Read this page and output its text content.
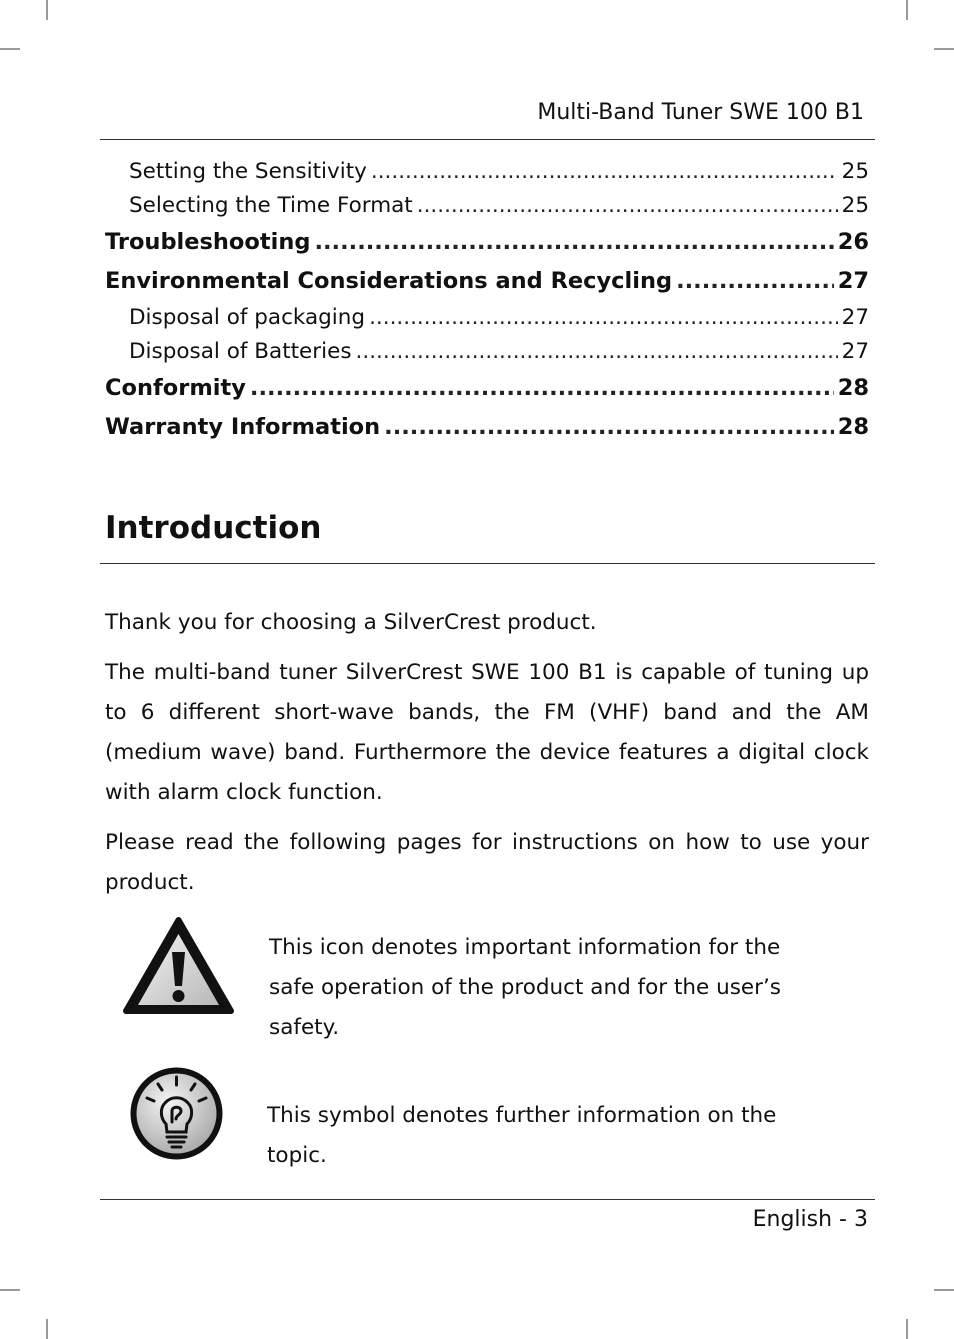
Multi-Band Tuner SWE 100 B1
Setting the Sensitivity .....	25
Selecting the Time Format .....	25
Troubleshooting .....	26
Environmental Considerations and Recycling .....	27
Disposal of packaging .....	27
Disposal of Batteries .....	27
Conformity .....	28
Warranty Information .....	28
Introduction

Thank you for choosing a SilverCrest product.

The multi-band tuner SilverCrest SWE 100 B1 is capable of tuning up to 6 different short-wave bands, the FM (VHF) band and the AM (medium wave) band. Furthermore the device features a digital clock with alarm clock function.

Please read the following pages for instructions on how to use your product.

This icon denotes important information for the safe operation of the product and for the user’s safety.
This symbol denotes further information on the topic.
English - 3
